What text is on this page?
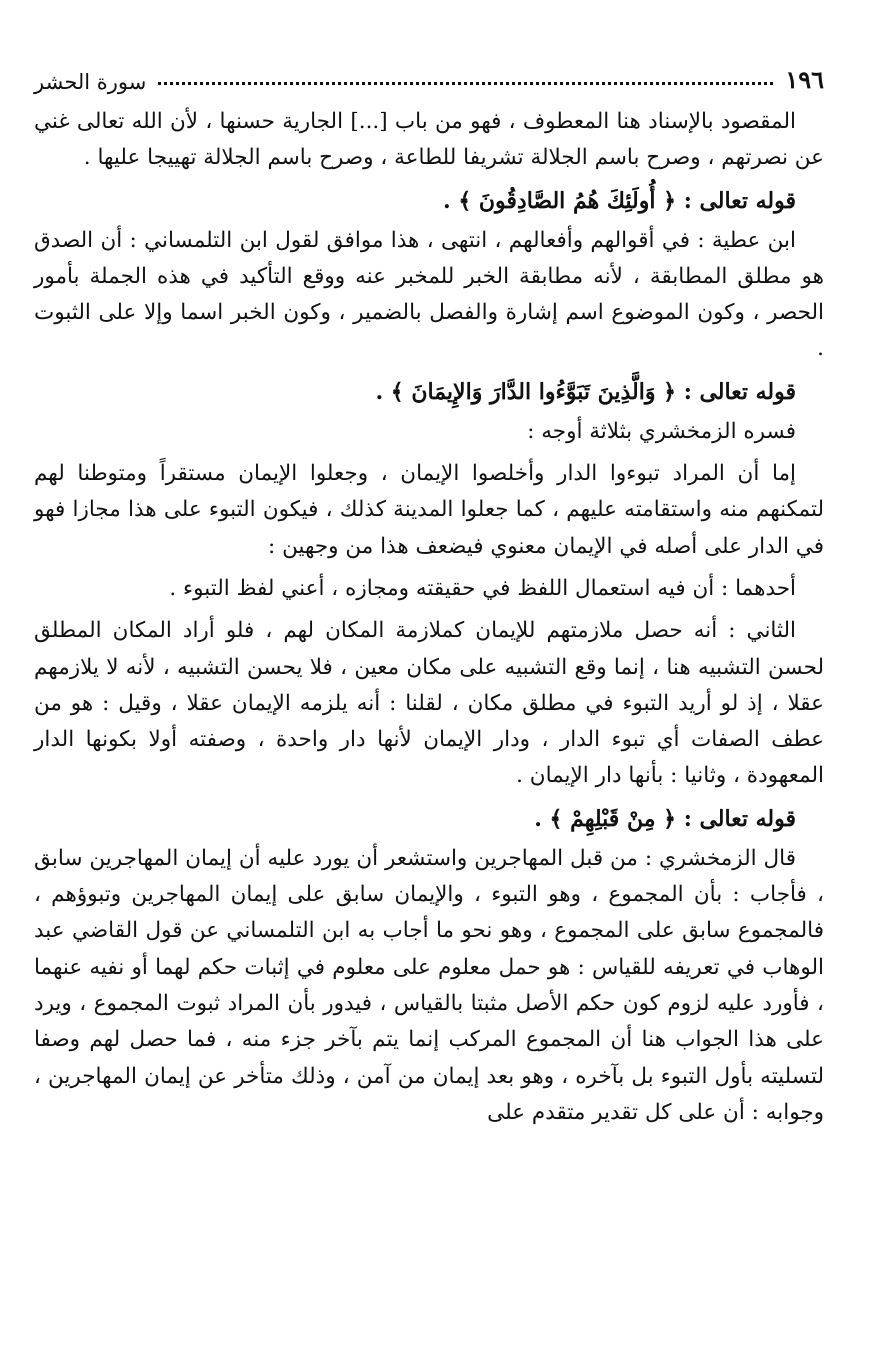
١٩٦
سورة الحشر

المقصود بالإسناد هنا المعطوف ، فهو من باب [...] الجارية حسنها ، لأن الله تعالى غني عن نصرتهم ، وصرح باسم الجلالة تشريفا للطاعة ، وصرح باسم الجلالة تهييجا عليها .

قوله تعالى : ﴿ أُولَئِكَ هُمُ الصَّادِقُونَ ﴾ .

ابن عطية : في أقوالهم وأفعالهم ، انتهى ، هذا موافق لقول ابن التلمساني : أن الصدق هو مطلق المطابقة ، لأنه مطابقة الخبر للمخبر عنه ووقع التأكيد في هذه الجملة بأمور الحصر ، وكون الموضوع اسم إشارة والفصل بالضمير ، وكون الخبر اسما وإلا على الثبوت .

قوله تعالى : ﴿ وَالَّذِينَ تَبَوَّءُوا الدَّارَ وَالإِيمَانَ ﴾ .

فسره الزمخشري بثلاثة أوجه :

إما أن المراد تبوءوا الدار وأخلصوا الإيمان ، وجعلوا الإيمان مستقراً ومتوطنا لهم لتمكنهم منه واستقامته عليهم ، كما جعلوا المدينة كذلك ، فيكون التبوء على هذا مجازا فهو في الدار على أصله في الإيمان معنوي فيضعف هذا من وجهين :

أحدهما : أن فيه استعمال اللفظ في حقيقته ومجازه ، أعني لفظ التبوء .

الثاني : أنه حصل ملازمتهم للإيمان كملازمة المكان لهم ، فلو أراد المكان المطلق لحسن التشبيه هنا ، إنما وقع التشبيه على مكان معين ، فلا يحسن التشبيه ، لأنه لا يلازمهم عقلا ، إذ لو أريد التبوء في مطلق مكان ، لقلنا : أنه يلزمه الإيمان عقلا ، وقيل : هو من عطف الصفات أي تبوء الدار ، ودار الإيمان لأنها دار واحدة ، وصفته أولا بكونها الدار المعهودة ، وثانيا : بأنها دار الإيمان .

قوله تعالى : ﴿ مِنْ قَبْلِهِمْ ﴾ .

قال الزمخشري : من قبل المهاجرين واستشعر أن يورد عليه أن إيمان المهاجرين سابق ، فأجاب : بأن المجموع ، وهو التبوء ، والإيمان سابق على إيمان المهاجرين وتبوؤهم ، فالمجموع سابق على المجموع ، وهو نحو ما أجاب به ابن التلمساني عن قول القاضي عبد الوهاب في تعريفه للقياس : هو حمل معلوم على معلوم في إثبات حكم لهما أو نفيه عنهما ، فأورد عليه لزوم كون حكم الأصل مثبتا بالقياس ، فيدور بأن المراد ثبوت المجموع ، ويرد على هذا الجواب هنا أن المجموع المركب إنما يتم بآخر جزء منه ، فما حصل لهم وصفا لتسليته بأول التبوء بل بآخره ، وهو بعد إيمان من آمن ، وذلك متأخر عن إيمان المهاجرين ، وجوابه : أن على كل تقدير متقدم على
